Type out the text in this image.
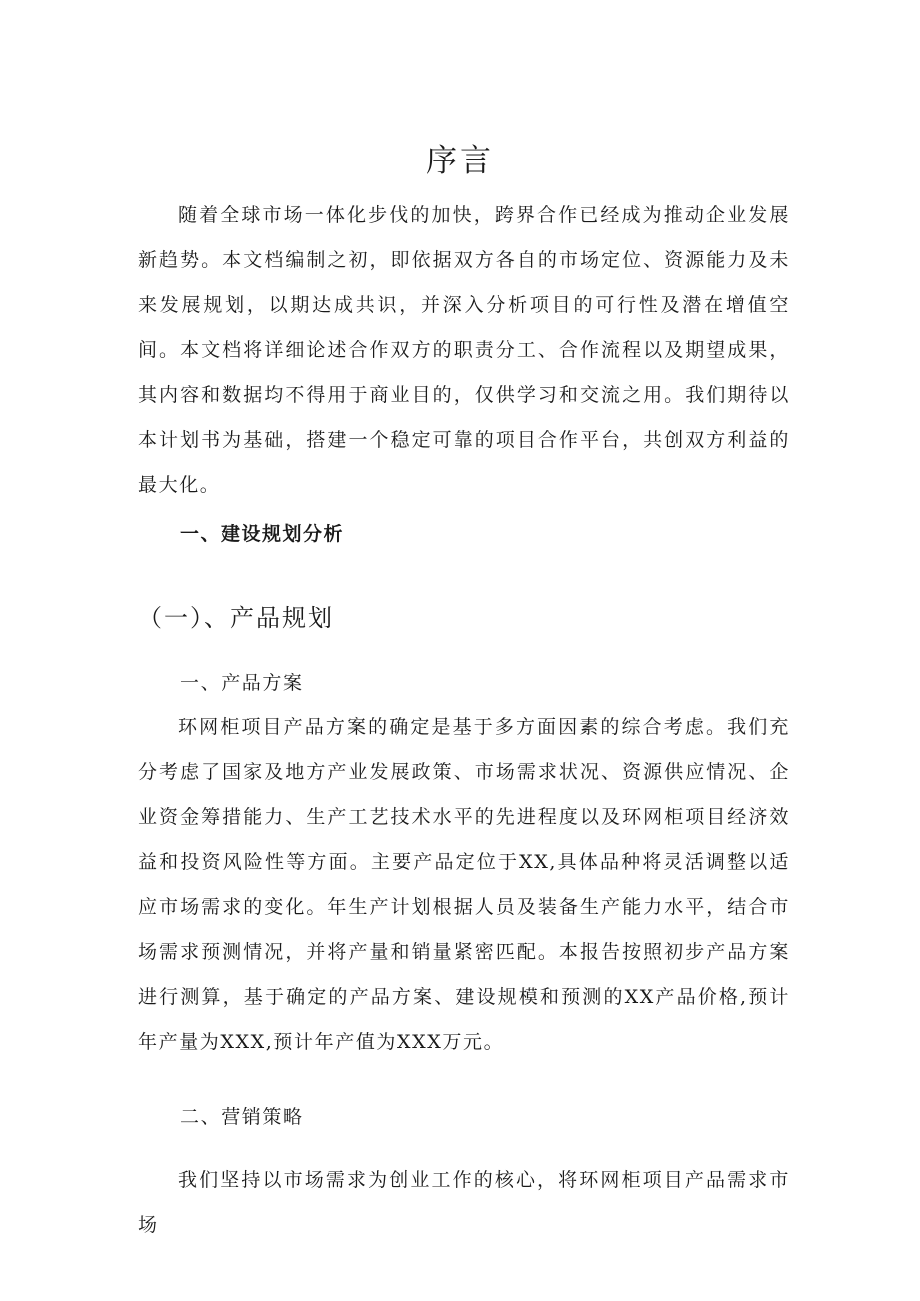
序言

随着全球市场一体化步伐的加快，跨界合作已经成为推动企业发展新趋势。本文档编制之初，即依据双方各自的市场定位、资源能力及未来发展规划，以期达成共识，并深入分析项目的可行性及潜在增值空间。本文档将详细论述合作双方的职责分工、合作流程以及期望成果，其内容和数据均不得用于商业目的，仅供学习和交流之用。我们期待以本计划书为基础，搭建一个稳定可靠的项目合作平台，共创双方利益的最大化。

一、建设规划分析
（一）、产品规划
一、产品方案

环网柜项目产品方案的确定是基于多方面因素的综合考虑。我们充分考虑了国家及地方产业发展政策、市场需求状况、资源供应情况、企业资金筹措能力、生产工艺技术水平的先进程度以及环网柜项目经济效益和投资风险性等方面。主要产品定位于XX,具体品种将灵活调整以适应市场需求的变化。年生产计划根据人员及装备生产能力水平，结合市场需求预测情况，并将产量和销量紧密匹配。本报告按照初步产品方案进行测算，基于确定的产品方案、建设规模和预测的XX产品价格,预计年产量为XXX,预计年产值为XXX万元。

二、营销策略

我们坚持以市场需求为创业工作的核心，将环网柜项目产品需求市场
